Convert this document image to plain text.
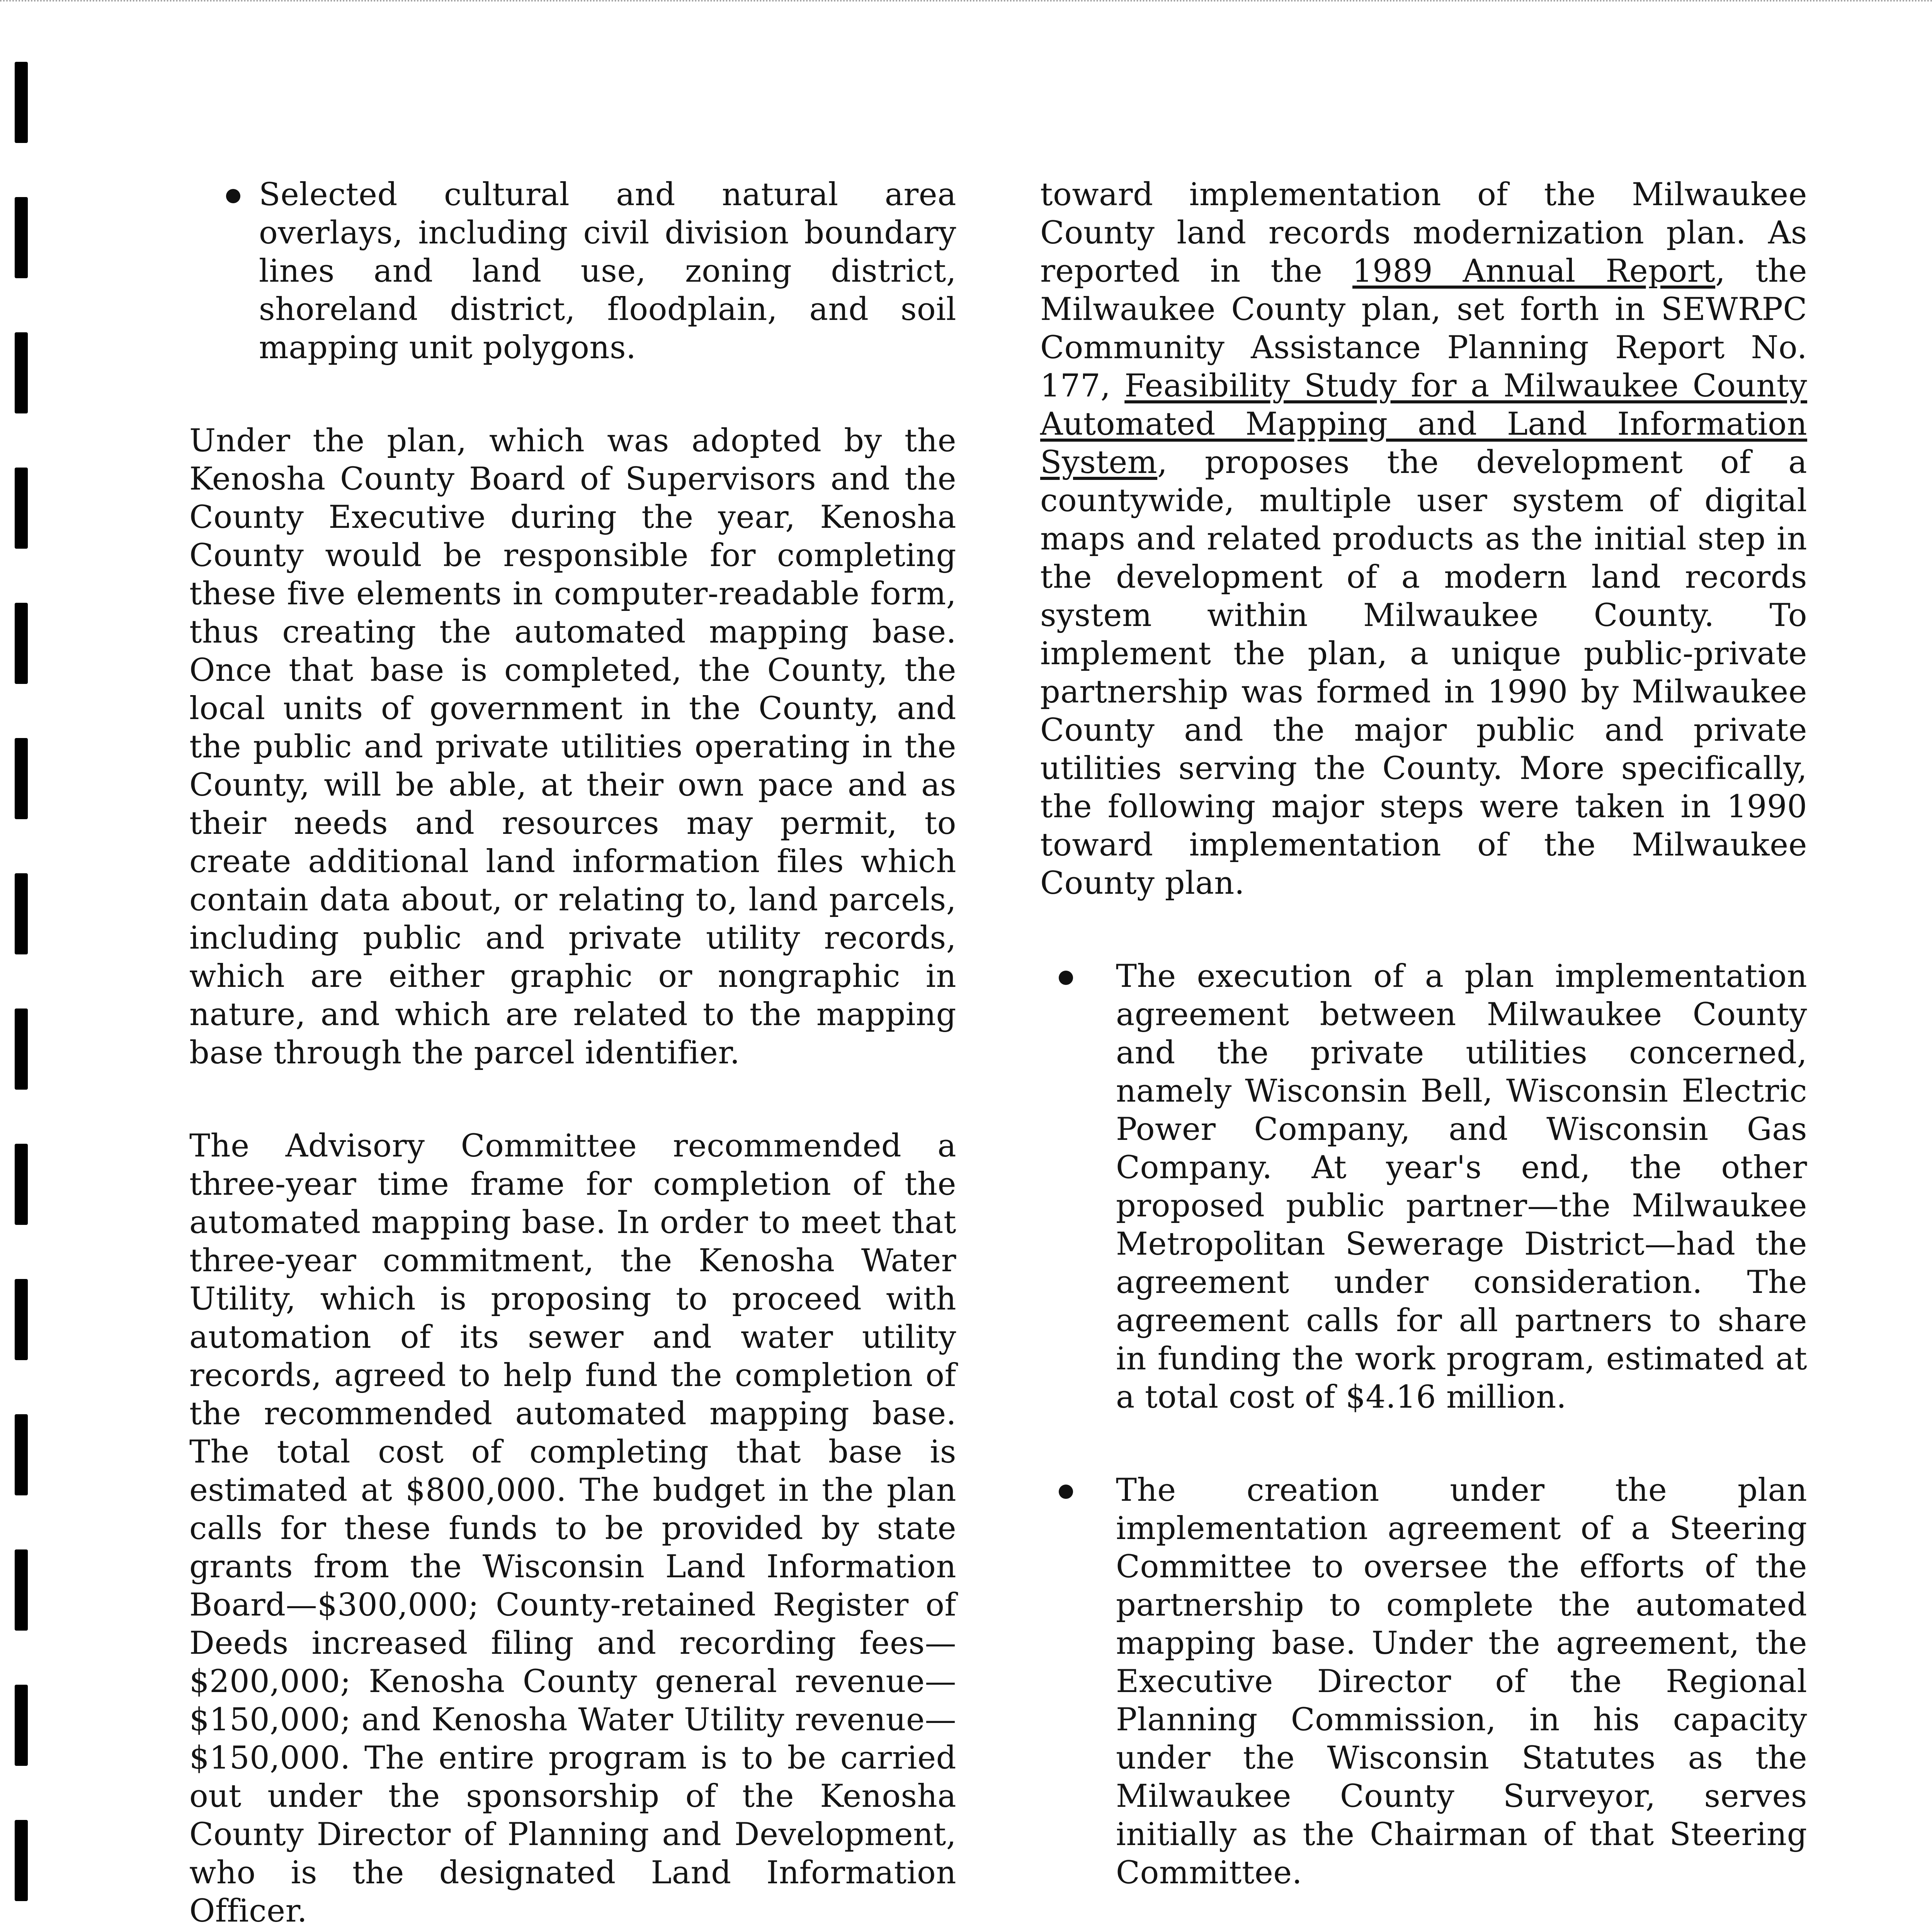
Selected cultural and natural area overlays, including civil division boundary lines and land use, zoning district, shoreland district, floodplain, and soil mapping unit polygons.

Under the plan, which was adopted by the Kenosha County Board of Supervisors and the County Executive during the year, Kenosha County would be responsible for completing these five elements in computer-readable form, thus creating the automated mapping base. Once that base is completed, the County, the local units of government in the County, and the public and private utilities operating in the County, will be able, at their own pace and as their needs and resources may permit, to create additional land information files which contain data about, or relating to, land parcels, including public and private utility records, which are either graphic or nongraphic in nature, and which are related to the mapping base through the parcel identifier.

The Advisory Committee recommended a three-year time frame for completion of the automated mapping base. In order to meet that three-year commitment, the Kenosha Water Utility, which is proposing to proceed with automation of its sewer and water utility records, agreed to help fund the completion of the recommended automated mapping base. The total cost of completing that base is estimated at $800,000. The budget in the plan calls for these funds to be provided by state grants from the Wisconsin Land Information Board—$300,000; County-retained Register of Deeds increased filing and recording fees—$200,000; Kenosha County general revenue—$150,000; and Kenosha Water Utility revenue—$150,000. The entire program is to be carried out under the sponsorship of the Kenosha County Director of Planning and Development, who is the designated Land Information Officer.

toward implementation of the Milwaukee County land records modernization plan. As reported in the 1989 Annual Report, the Milwaukee County plan, set forth in SEWRPC Community Assistance Planning Report No. 177, Feasibility Study for a Milwaukee County Automated Mapping and Land Information System, proposes the development of a countywide, multiple user system of digital maps and related products as the initial step in the development of a modern land records system within Milwaukee County. To implement the plan, a unique public-private partnership was formed in 1990 by Milwaukee County and the major public and private utilities serving the County. More specifically, the following major steps were taken in 1990 toward implementation of the Milwaukee County plan.

The execution of a plan implementation agreement between Milwaukee County and the private utilities concerned, namely Wisconsin Bell, Wisconsin Electric Power Company, and Wisconsin Gas Company. At year's end, the other proposed public partner—the Milwaukee Metropolitan Sewerage District—had the agreement under consideration. The agreement calls for all partners to share in funding the work program, estimated at a total cost of $4.16 million.
The creation under the plan implementation agreement of a Steering Committee to oversee the efforts of the partnership to complete the automated mapping base. Under the agreement, the Executive Director of the Regional Planning Commission, in his capacity under the Wisconsin Statutes as the Milwaukee County Surveyor, serves initially as the Chairman of that Steering Committee.
